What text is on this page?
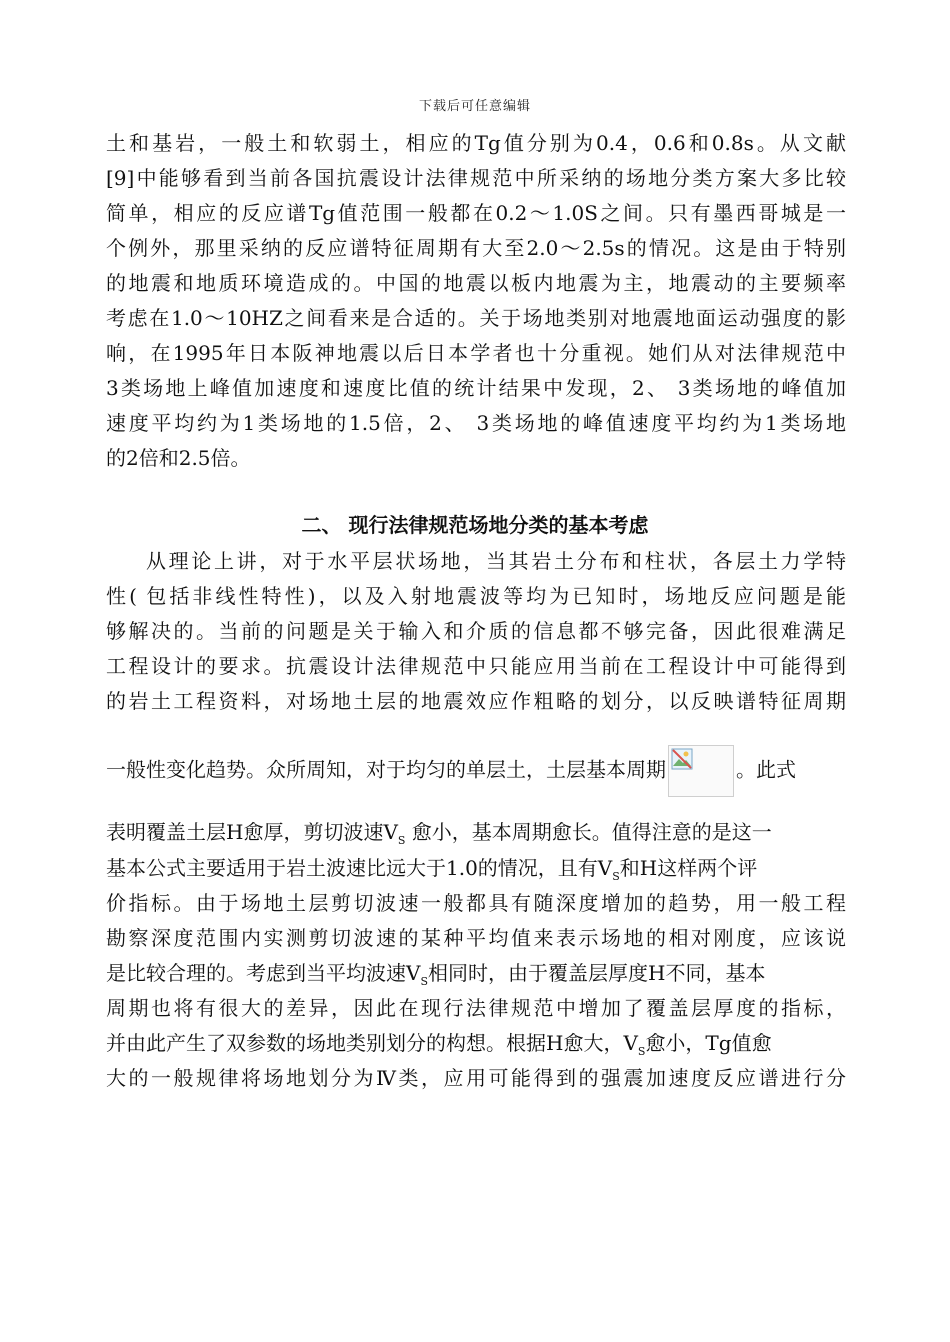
下载后可任意编辑
土和基岩，一般土和软弱土，相应的Tg值分别为0.4，0.6和0.8s。从文献
[9]中能够看到当前各国抗震设计法律规范中所采纳的场地分类方案大多比较
简单，相应的反应谱Tg值范围一般都在0.2～1.0S之间。只有墨西哥城是一
个例外，那里采纳的反应谱特征周期有大至2.0～2.5s的情况。这是由于特别
的地震和地质环境造成的。中国的地震以板内地震为主，地震动的主要频率
考虑在1.0～10HZ之间看来是合适的。关于场地类别对地震地面运动强度的影
响，在1995年日本阪神地震以后日本学者也十分重视。她们从对法律规范中
3类场地上峰值加速度和速度比值的统计结果中发现，2、 3类场地的峰值加
速度平均约为1类场地的1.5倍，2、 3类场地的峰值速度平均约为1类场地
的2倍和2.5倍。
二、 现行法律规范场地分类的基本考虑
从理论上讲，对于水平层状场地，当其岩土分布和柱状，各层土力学特
性( 包括非线性特性)，以及入射地震波等均为已知时，场地反应问题是能
够解决的。当前的问题是关于输入和介质的信息都不够完备，因此很难满足
工程设计的要求。抗震设计法律规范中只能应用当前在工程设计中可能得到
的岩土工程资料，对场地土层的地震效应作粗略的划分，以反映谱特征周期
一般性变化趋势。众所周知，对于均匀的单层土，土层基本周期	。此式
表明覆盖土层H愈厚，剪切波速$V_S$ 愈小，基本周期愈长。值得注意的是这一
基本公式主要适用于岩土波速比远大于1.0的情况，且有$V_S$和H这样两个评
价指标。由于场地土层剪切波速一般都具有随深度增加的趋势，用一般工程
勘察深度范围内实测剪切波速的某种平均值来表示场地的相对刚度，应该说
是比较合理的。考虑到当平均波速$V_S$相同时，由于覆盖层厚度H不同，基本
周期也将有很大的差异，因此在现行法律规范中增加了覆盖层厚度的指标，
并由此产生了双参数的场地类别划分的构想。根据H愈大，$V_S$愈小，Tg值愈
大的一般规律将场地划分为Ⅳ类，应用可能得到的强震加速度反应谱进行分
